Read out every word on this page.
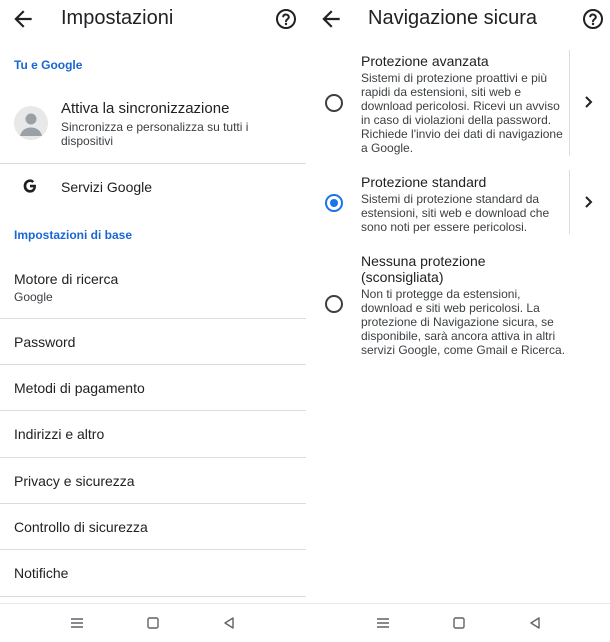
Impostazioni
Tu e Google
Attiva la sincronizzazione
Sincronizza e personalizza su tutti i dispositivi
Servizi Google
Impostazioni di base
Motore di ricerca
Google
Password
Metodi di pagamento
Indirizzi e altro
Privacy e sicurezza
Controllo di sicurezza
Notifiche
Navigazione sicura
Protezione avanzata
Sistemi di protezione proattivi e più rapidi da estensioni, siti web e download pericolosi. Ricevi un avviso in caso di violazioni della password. Richiede l'invio dei dati di navigazione a Google.
Protezione standard
Sistemi di protezione standard da estensioni, siti web e download che sono noti per essere pericolosi.
Nessuna protezione (sconsigliata)
Non ti protegge da estensioni, download e siti web pericolosi. La protezione di Navigazione sicura, se disponibile, sarà ancora attiva in altri servizi Google, come Gmail e Ricerca.
